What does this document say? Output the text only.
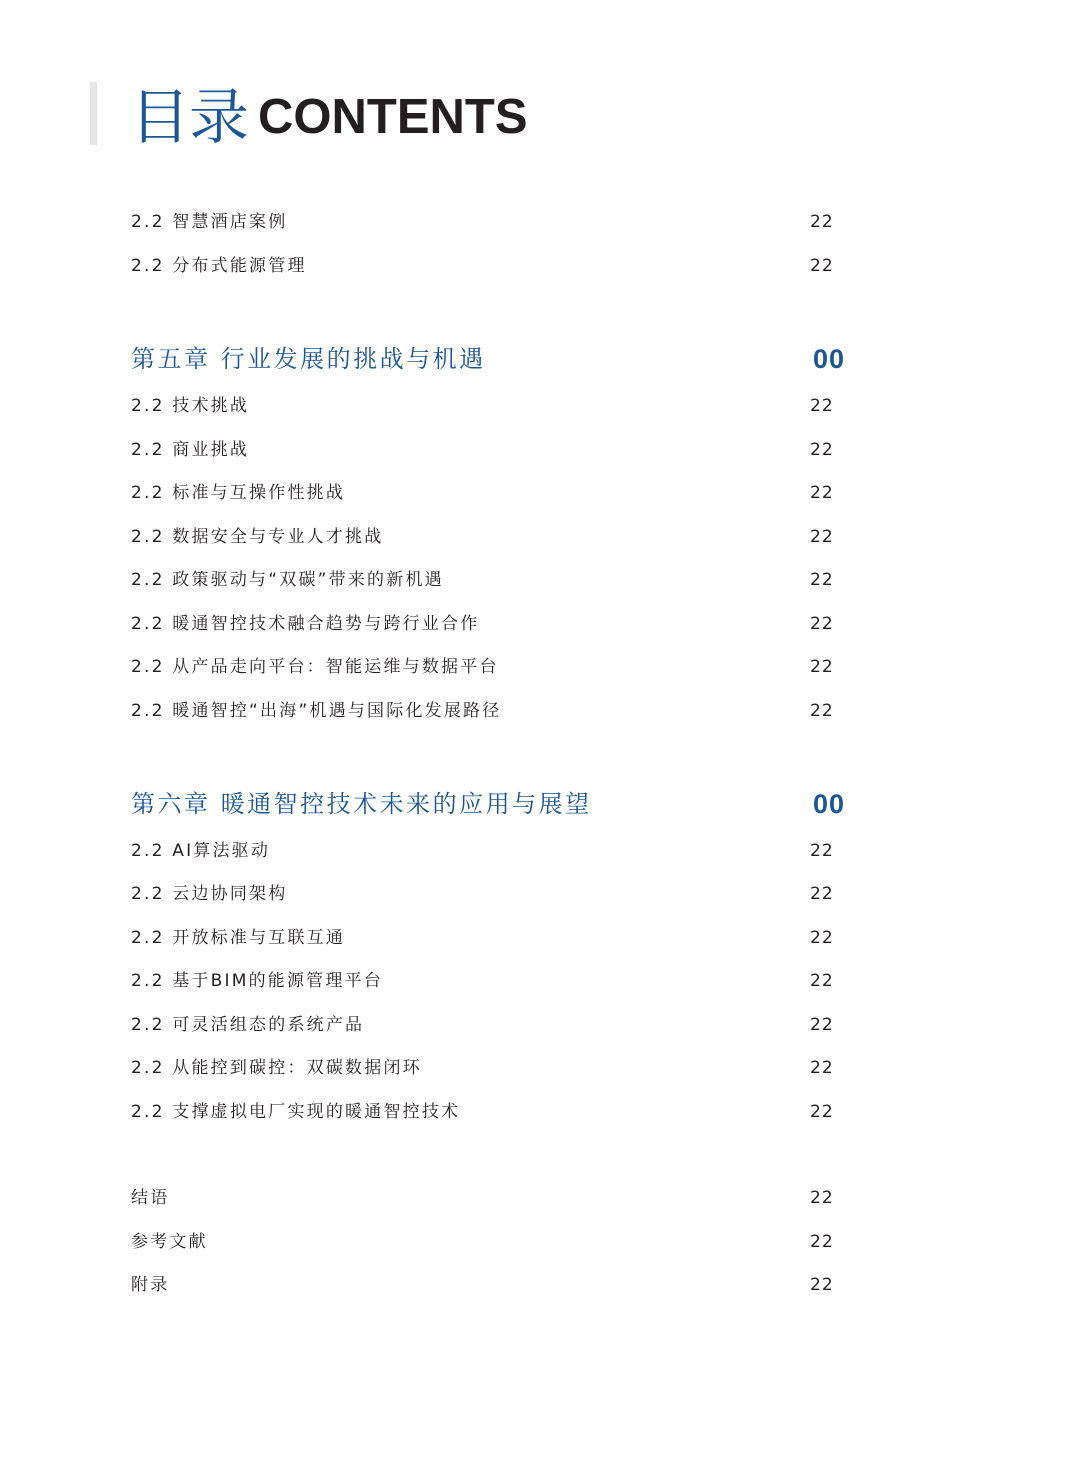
目录 CONTENTS
2.2 智慧酒店案例	22
2.2 分布式能源管理	22
第五章 行业发展的挑战与机遇	00
2.2 技术挑战	22
2.2 商业挑战	22
2.2 标准与互操作性挑战	22
2.2 数据安全与专业人才挑战	22
2.2 政策驱动与“双碳”带来的新机遇	22
2.2 暖通智控技术融合趋势与跨行业合作	22
2.2 从产品走向平台：智能运维与数据平台	22
2.2 暖通智控“出海”机遇与国际化发展路径	22
第六章 暖通智控技术未来的应用与展望	00
2.2 AI算法驱动	22
2.2 云边协同架构	22
2.2 开放标准与互联互通	22
2.2 基于BIM的能源管理平台	22
2.2 可灵活组态的系统产品	22
2.2 从能控到碳控：双碳数据闭环	22
2.2 支撑虚拟电厂实现的暖通智控技术	22
结语	22
参考文献	22
附录	22
